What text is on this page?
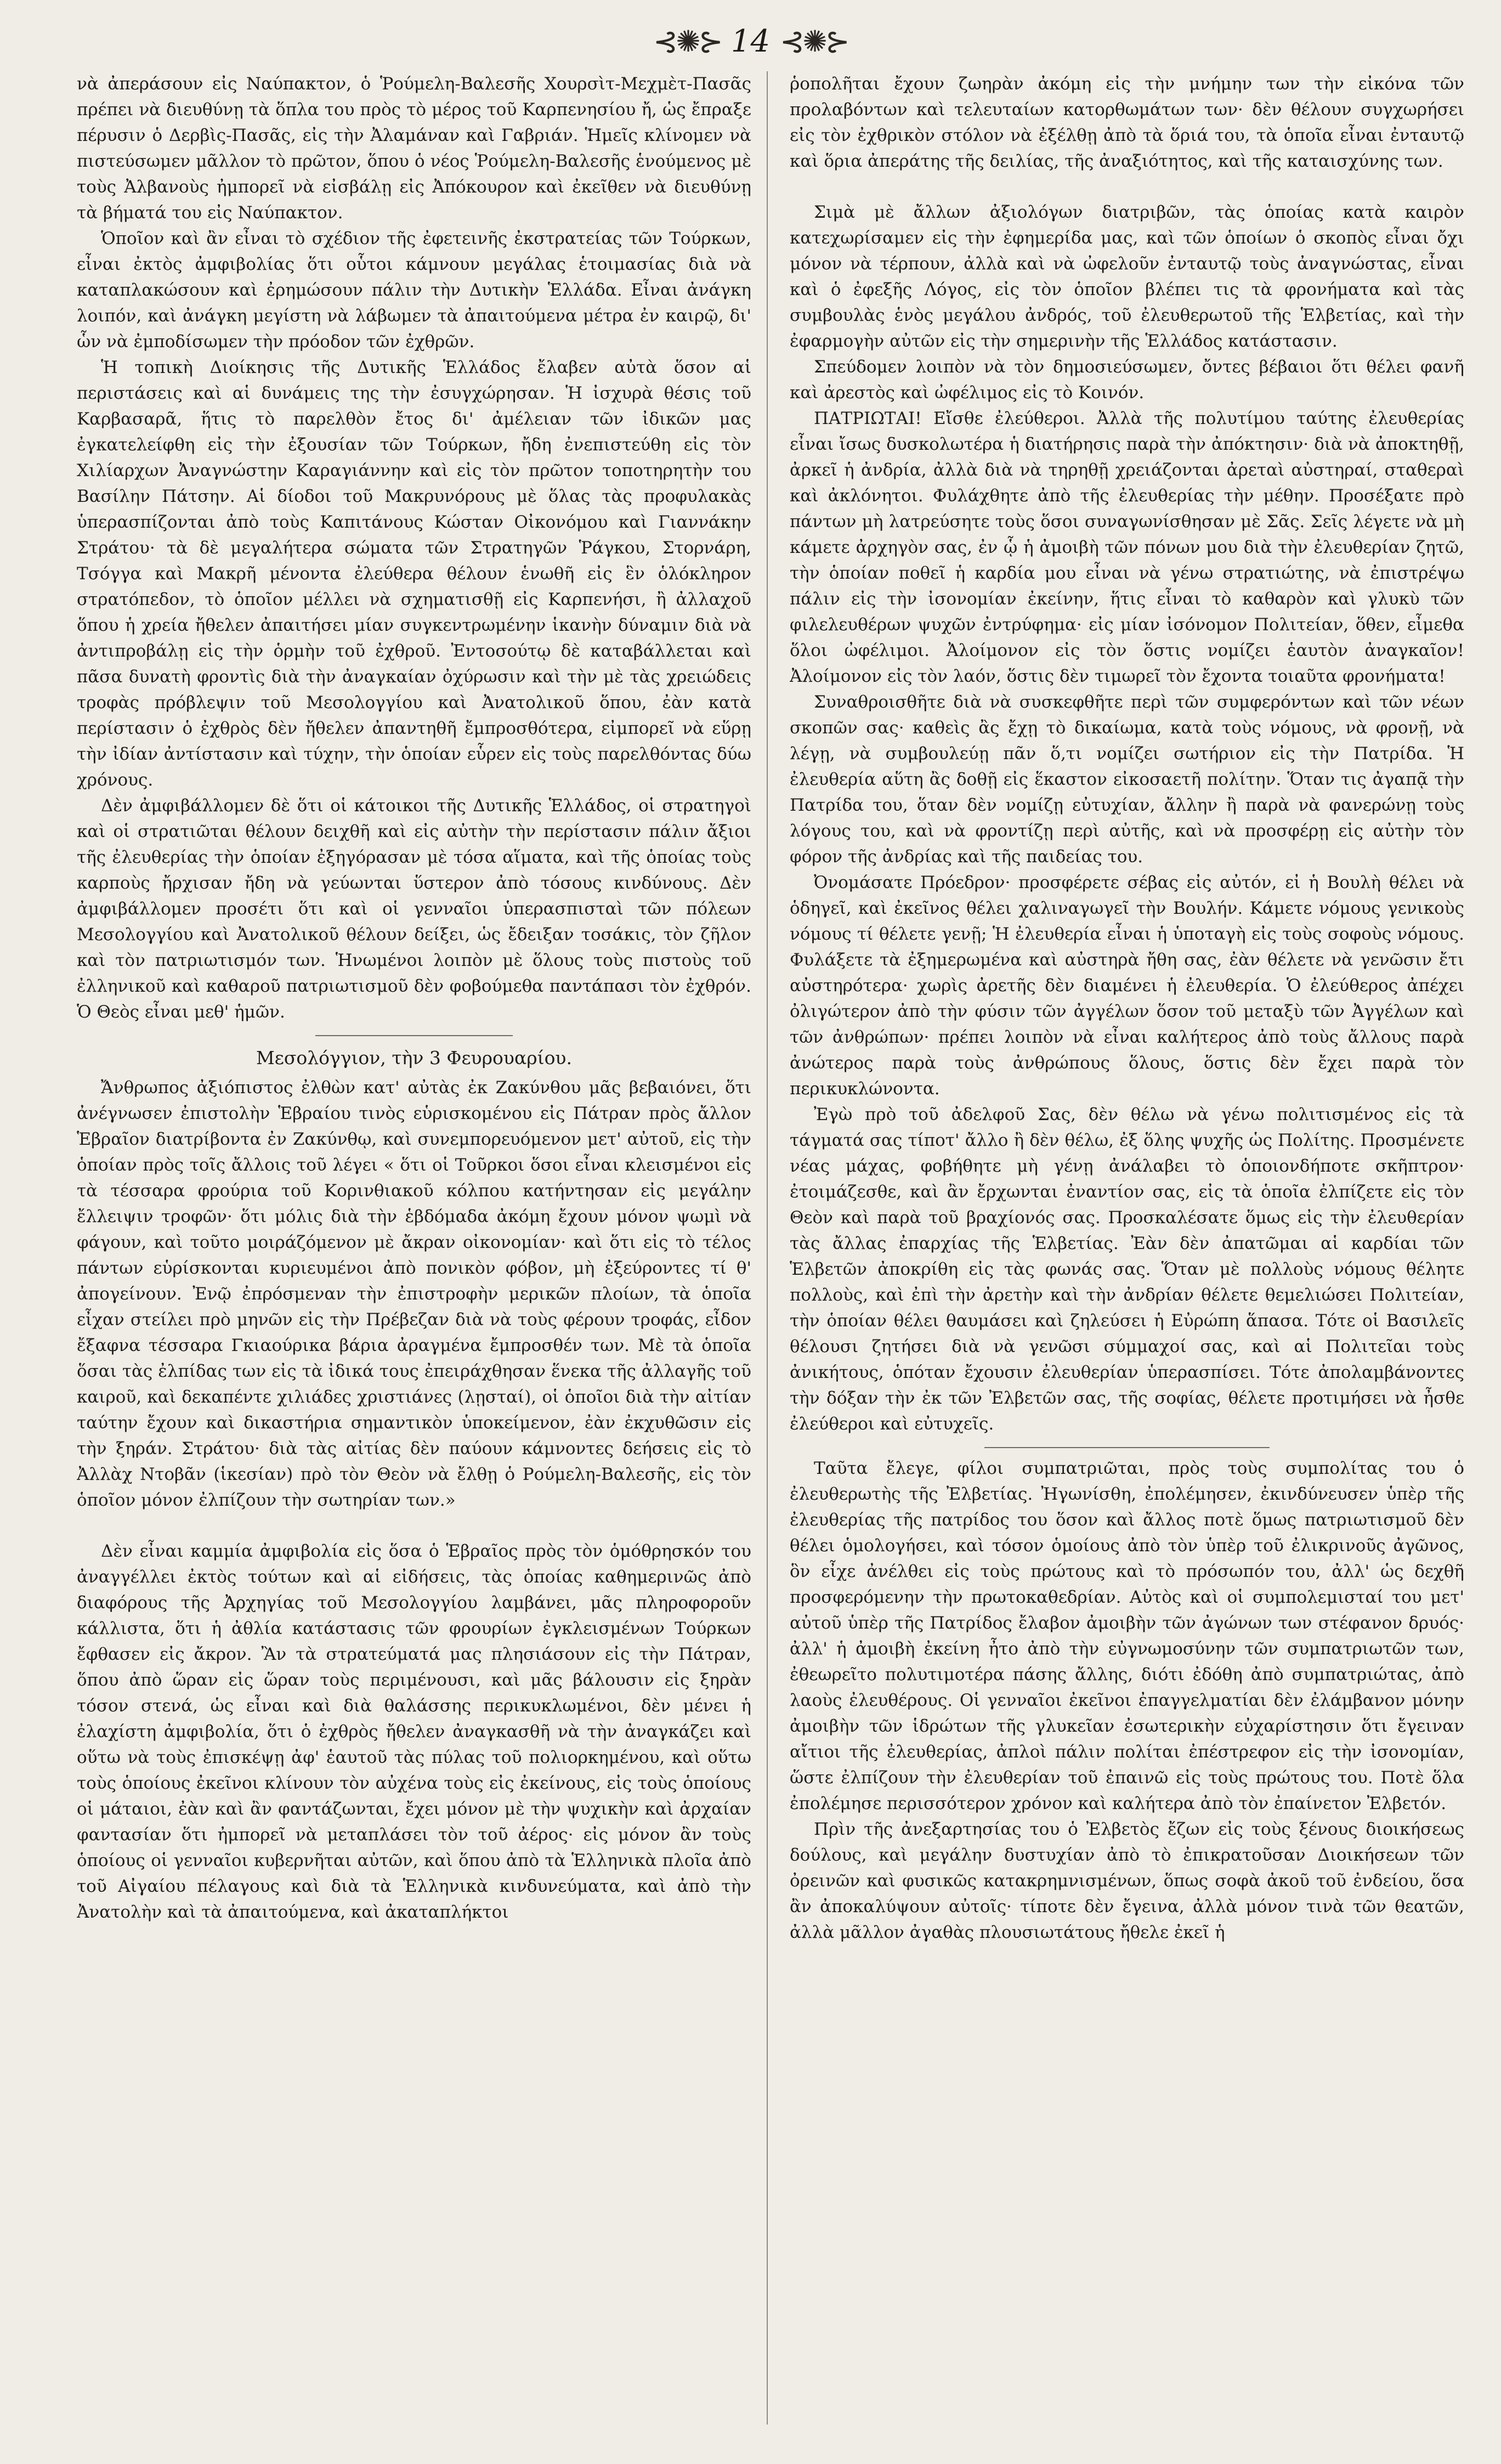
⊰✺⊱ 14 ⊰✺⊱

νὰ ἀπεράσουν εἰς Ναύπακτον, ὁ Ῥούμελη-Βαλεσῆς Χουρσὶτ-Μεχμὲτ-Πασᾶς πρέπει νὰ διευθύνῃ τὰ ὅπλα του πρὸς τὸ μέρος τοῦ Καρπενησίου ἤ, ὡς ἔπραξε πέρυσιν ὁ Δερβὶς-Πασᾶς, εἰς τὴν Ἀλαμάναν καὶ Γαβριάν. Ἡμεῖς κλίνομεν νὰ πιστεύσωμεν μᾶλλον τὸ πρῶτον, ὅπου ὁ νέος Ῥούμελη-Βαλεσῆς ἑνούμενος μὲ τοὺς Ἀλβανοὺς ἠμπορεῖ νὰ εἰσβάλῃ εἰς Ἀπόκουρον καὶ ἐκεῖθεν νὰ διευθύνῃ τὰ βήματά του εἰς Ναύπακτον.

Ὁποῖον καὶ ἂν εἶναι τὸ σχέδιον τῆς ἐφετεινῆς ἐκστρατείας τῶν Τούρκων, εἶναι ἐκτὸς ἀμφιβολίας ὅτι οὗτοι κάμνουν μεγάλας ἑτοιμασίας διὰ νὰ καταπλακώσουν καὶ ἐρημώσουν πάλιν τὴν Δυτικὴν Ἑλλάδα. Εἶναι ἀνάγκη λοιπόν, καὶ ἀνάγκη μεγίστη νὰ λάβωμεν τὰ ἀπαιτούμενα μέτρα ἐν καιρῷ, δι' ὧν νὰ ἐμποδίσωμεν τὴν πρόοδον τῶν ἐχθρῶν.

Ἡ τοπικὴ Διοίκησις τῆς Δυτικῆς Ἑλλάδος ἔλαβεν αὐτὰ ὅσον αἱ περιστάσεις καὶ αἱ δυνάμεις της τὴν ἐσυγχώρησαν. Ἡ ἰσχυρὰ θέσις τοῦ Καρβασαρᾶ, ἥτις τὸ παρελθὸν ἔτος δι' ἀμέλειαν τῶν ἰδικῶν μας ἐγκατελείφθη εἰς τὴν ἐξουσίαν τῶν Τούρκων, ἤδη ἐνεπιστεύθη εἰς τὸν Χιλίαρχων Ἀναγνώστην Καραγιάννην καὶ εἰς τὸν πρῶτον τοποτηρητὴν του Βασίλην Πάτσην. Αἱ δίοδοι τοῦ Μακρυνόρους μὲ ὅλας τὰς προφυλακὰς ὑπερασπίζονται ἀπὸ τοὺς Καπιτάνους Κώσταν Οἰκονόμου καὶ Γιαννάκην Στράτου· τὰ δὲ μεγαλήτερα σώματα τῶν Στρατηγῶν Ῥάγκου, Στορνάρη, Τσόγγα καὶ Μακρῆ μένοντα ἐλεύθερα θέλουν ἑνωθῆ εἰς ἓν ὁλόκληρον στρατόπεδον, τὸ ὁποῖον μέλλει νὰ σχηματισθῇ εἰς Καρπενήσι, ἢ ἀλλαχοῦ ὅπου ἡ χρεία ἤθελεν ἀπαιτήσει μίαν συγκεντρωμένην ἱκανὴν δύναμιν διὰ νὰ ἀντιπροβάλῃ εἰς τὴν ὁρμὴν τοῦ ἐχθροῦ. Ἐντοσούτῳ δὲ καταβάλλεται καὶ πᾶσα δυνατὴ φροντὶς διὰ τὴν ἀναγκαίαν ὀχύρωσιν καὶ τὴν μὲ τὰς χρειώδεις τροφὰς πρόβλεψιν τοῦ Μεσολογγίου καὶ Ἀνατολικοῦ ὅπου, ἐὰν κατὰ περίστασιν ὁ ἐχθρὸς δὲν ἤθελεν ἀπαντηθῆ ἔμπροσθότερα, εἰμπορεῖ νὰ εὕρῃ τὴν ἰδίαν ἀντίστασιν καὶ τύχην, τὴν ὁποίαν εὗρεν εἰς τοὺς παρελθόντας δύω χρόνους.

Δὲν ἀμφιβάλλομεν δὲ ὅτι οἱ κάτοικοι τῆς Δυτικῆς Ἑλλάδος, οἱ στρατηγοὶ καὶ οἱ στρατιῶται θέλουν δειχθῆ καὶ εἰς αὐτὴν τὴν περίστασιν πάλιν ἄξιοι τῆς ἐλευθερίας τὴν ὁποίαν ἐξηγόρασαν μὲ τόσα αἵματα, καὶ τῆς ὁποίας τοὺς καρποὺς ἤρχισαν ἤδη νὰ γεύωνται ὕστερον ἀπὸ τόσους κινδύνους. Δὲν ἀμφιβάλλομεν προσέτι ὅτι καὶ οἱ γενναῖοι ὑπερασπισταὶ τῶν πόλεων Μεσολογγίου καὶ Ἀνατολικοῦ θέλουν δείξει, ὡς ἔδειξαν τοσάκις, τὸν ζῆλον καὶ τὸν πατριωτισμόν των. Ἡνωμένοι λοιπὸν μὲ ὅλους τοὺς πιστοὺς τοῦ ἐλληνικοῦ καὶ καθαροῦ πατριωτισμοῦ δὲν φοβούμεθα παντάπασι τὸν ἐχθρόν. Ὁ Θεὸς εἶναι μεθ' ἡμῶν.

Μεσολόγγιον, τὴν 3 Φευρουαρίου.

Ἄνθρωπος ἀξιόπιστος ἐλθὼν κατ' αὐτὰς ἐκ Ζακύνθου μᾶς βεβαιόνει, ὅτι ἀνέγνωσεν ἐπιστολὴν Ἑβραίου τινὸς εὑρισκομένου εἰς Πάτραν πρὸς ἄλλον Ἑβραῖον διατρίβοντα ἐν Ζακύνθῳ, καὶ συνεμπορευόμενον μετ' αὐτοῦ, εἰς τὴν ὁποίαν πρὸς τοῖς ἄλλοις τοῦ λέγει « ὅτι οἱ Τοῦρκοι ὅσοι εἶναι κλεισμένοι εἰς τὰ τέσσαρα φρούρια τοῦ Κορινθιακοῦ κόλπου κατήντησαν εἰς μεγάλην ἔλλειψιν τροφῶν· ὅτι μόλις διὰ τὴν ἑβδόμαδα ἀκόμη ἔχουν μόνον ψωμὶ νὰ φάγουν, καὶ τοῦτο μοιράζόμενον μὲ ἄκραν οἰκονομίαν· καὶ ὅτι εἰς τὸ τέλος πάντων εὑρίσκονται κυριευμένοι ἀπὸ πονικὸν φόβον, μὴ ἐξεύροντες τί θ' ἀπογείνουν. Ἐνῷ ἐπρόσμεναν τὴν ἐπιστροφὴν μερικῶν πλοίων, τὰ ὁποῖα εἶχαν στείλει πρὸ μηνῶν εἰς τὴν Πρέβεζαν διὰ νὰ τοὺς φέρουν τροφάς, εἶδον ἔξαφνα τέσσαρα Γκιαούρικα βάρια ἀραγμένα ἔμπροσθέν των. Μὲ τὰ ὁποῖα ὅσαι τὰς ἐλπίδας των εἰς τὰ ἰδικά τους ἐπειράχθησαν ἕνεκα τῆς ἀλλαγῆς τοῦ καιροῦ, καὶ δεκαπέντε χιλιάδες χριστιάνες (λῃσταί), οἱ ὁποῖοι διὰ τὴν αἰτίαν ταύτην ἔχουν καὶ δικαστήρια σημαντικὸν ὑποκείμενον, ἐὰν ἐκχυθῶσιν εἰς τὴν ξηράν. Στράτου· διὰ τὰς αἰτίας δὲν παύουν κάμνοντες δεήσεις εἰς τὸ Ἀλλὰχ Ντοβᾶν (ἱκεσίαν) πρὸ τὸν Θεὸν νὰ ἔλθῃ ὁ Ρούμελη-Βαλεσῆς, εἰς τὸν ὁποῖον μόνον ἐλπίζουν τὴν σωτηρίαν των.»

Δὲν εἶναι καμμία ἀμφιβολία εἰς ὅσα ὁ Ἑβραῖος πρὸς τὸν ὁμόθρησκόν του ἀναγγέλλει ἐκτὸς τούτων καὶ αἱ εἰδήσεις, τὰς ὁποίας καθημερινῶς ἀπὸ διαφόρους τῆς Ἀρχηγίας τοῦ Μεσολογγίου λαμβάνει, μᾶς πληροφοροῦν κάλλιστα, ὅτι ἡ ἀθλία κατάστασις τῶν φρουρίων ἐγκλεισμένων Τούρκων ἔφθασεν εἰς ἄκρον. Ἂν τὰ στρατεύματά μας πλησιάσουν εἰς τὴν Πάτραν, ὅπου ἀπὸ ὥραν εἰς ὥραν τοὺς περιμένουσι, καὶ μᾶς βάλουσιν εἰς ξηρὰν τόσον στενά, ὡς εἶναι καὶ διὰ θαλάσσης περικυκλωμένοι, δὲν μένει ἡ ἐλαχίστη ἀμφιβολία, ὅτι ὁ ἐχθρὸς ἤθελεν ἀναγκασθῆ νὰ τὴν ἀναγκάζει καὶ οὕτω νὰ τοὺς ἐπισκέψῃ ἀφ' ἑαυτοῦ τὰς πύλας τοῦ πολιορκημένου, καὶ οὕτω τοὺς ὁποίους ἐκεῖνοι κλίνουν τὸν αὐχένα τοὺς εἰς ἐκείνους, εἰς τοὺς ὁποίους οἱ μάταιοι, ἐὰν καὶ ἂν φαντάζωνται, ἔχει μόνον μὲ τὴν ψυχικὴν καὶ ἀρχαίαν φαντασίαν ὅτι ἠμπορεῖ νὰ μεταπλάσει τὸν τοῦ ἀέρος· εἰς μόνον ἂν τοὺς ὁποίους οἱ γενναῖοι κυβερνῆται αὐτῶν, καὶ ὅπου ἀπὸ τὰ Ἑλληνικὰ πλοῖα ἀπὸ τοῦ Αἰγαίου πέλαγους καὶ διὰ τὰ Ἑλληνικὰ κινδυνεύματα, καὶ ἀπὸ τὴν Ἀνατολὴν καὶ τὰ ἀπαιτούμενα, καὶ ἀκαταπλήκτοι

ῥοπολῆται ἔχουν ζωηρὰν ἀκόμη εἰς τὴν μνήμην των τὴν εἰκόνα τῶν προλαβόντων καὶ τελευταίων κατορθωμάτων των· δὲν θέλουν συγχωρήσει εἰς τὸν ἐχθρικὸν στόλον νὰ ἐξέλθῃ ἀπὸ τὰ ὅριά του, τὰ ὁποῖα εἶναι ἐνταυτῷ καὶ ὅρια ἀπεράτης τῆς δειλίας, τῆς ἀναξιότητος, καὶ τῆς καταισχύνης των.

Σιμὰ μὲ ἄλλων ἀξιολόγων διατριβῶν, τὰς ὁποίας κατὰ καιρὸν κατεχωρίσαμεν εἰς τὴν ἐφημερίδα μας, καὶ τῶν ὁποίων ὁ σκοπὸς εἶναι ὄχι μόνον νὰ τέρπουν, ἀλλὰ καὶ νὰ ὠφελοῦν ἐνταυτῷ τοὺς ἀναγνώστας, εἶναι καὶ ὁ ἐφεξῆς Λόγος, εἰς τὸν ὁποῖον βλέπει τις τὰ φρονήματα καὶ τὰς συμβουλὰς ἑνὸς μεγάλου ἀνδρός, τοῦ ἐλευθερωτοῦ τῆς Ἑλβετίας, καὶ τὴν ἐφαρμογὴν αὐτῶν εἰς τὴν σημερινὴν τῆς Ἑλλάδος κατάστασιν.

Σπεύδομεν λοιπὸν νὰ τὸν δημοσιεύσωμεν, ὄντες βέβαιοι ὅτι θέλει φανῆ καὶ ἀρεστὸς καὶ ὠφέλιμος εἰς τὸ Κοινόν.

ΠΑΤΡΙΩΤΑΙ! Εἴσθε ἐλεύθεροι. Ἀλλὰ τῆς πολυτίμου ταύτης ἐλευθερίας εἶναι ἴσως δυσκολωτέρα ἡ διατήρησις παρὰ τὴν ἀπόκτησιν· διὰ νὰ ἀποκτηθῇ, ἀρκεῖ ἡ ἀνδρία, ἀλλὰ διὰ νὰ τηρηθῇ χρειάζονται ἀρεταὶ αὐστηραί, σταθεραὶ καὶ ἀκλόνητοι. Φυλάχθητε ἀπὸ τῆς ἐλευθερίας τὴν μέθην. Προσέξατε πρὸ πάντων μὴ λατρεύσητε τοὺς ὅσοι συναγωνίσθησαν μὲ Σᾶς. Σεῖς λέγετε νὰ μὴ κάμετε ἀρχηγὸν σας, ἐν ᾧ ἡ ἀμοιβὴ τῶν πόνων μου διὰ τὴν ἐλευθερίαν ζητῶ, τὴν ὁποίαν ποθεῖ ἡ καρδία μου εἶναι νὰ γένω στρατιώτης, νὰ ἐπιστρέψω πάλιν εἰς τὴν ἰσονομίαν ἐκείνην, ἥτις εἶναι τὸ καθαρὸν καὶ γλυκὺ τῶν φιλελευθέρων ψυχῶν ἐντρύφημα· εἰς μίαν ἰσόνομον Πολιτείαν, ὅθεν, εἶμεθα ὅλοι ὠφέλιμοι. Ἀλοίμονον εἰς τὸν ὅστις νομίζει ἑαυτὸν ἀναγκαῖον! Ἀλοίμονον εἰς τὸν λαόν, ὅστις δὲν τιμωρεῖ τὸν ἔχοντα τοιαῦτα φρονήματα!

Συναθροισθῆτε διὰ νὰ συσκεφθῆτε περὶ τῶν συμφερόντων καὶ τῶν νέων σκοπῶν σας· καθεὶς ἂς ἔχῃ τὸ δικαίωμα, κατὰ τοὺς νόμους, νὰ φρονῇ, νὰ λέγῃ, νὰ συμβουλεύῃ πᾶν ὅ,τι νομίζει σωτήριον εἰς τὴν Πατρίδα. Ἡ ἐλευθερία αὕτη ἂς δοθῇ εἰς ἕκαστον εἰκοσαετῆ πολίτην. Ὅταν τις ἀγαπᾷ τὴν Πατρίδα του, ὅταν δὲν νομίζῃ εὐτυχίαν, ἄλλην ἢ παρὰ νὰ φανερώνῃ τοὺς λόγους του, καὶ νὰ φροντίζῃ περὶ αὐτῆς, καὶ νὰ προσφέρῃ εἰς αὐτὴν τὸν φόρον τῆς ἀνδρίας καὶ τῆς παιδείας του.

Ὀνομάσατε Πρόεδρον· προσφέρετε σέβας εἰς αὐτόν, εἰ ἡ Βουλὴ θέλει νὰ ὁδηγεῖ, καὶ ἐκεῖνος θέλει χαλιναγωγεῖ τὴν Βουλήν. Κάμετε νόμους γενικοὺς νόμους τί θέλετε γενῇ; Ἡ ἐλευθερία εἶναι ἡ ὑποταγὴ εἰς τοὺς σοφοὺς νόμους. Φυλάξετε τὰ ἐξημερωμένα καὶ αὐστηρὰ ἤθη σας, ἐὰν θέλετε νὰ γενῶσιν ἔτι αὐστηρότερα· χωρὶς ἀρετῆς δὲν διαμένει ἡ ἐλευθερία. Ὁ ἐλεύθερος ἀπέχει ὀλιγώτερον ἀπὸ τὴν φύσιν τῶν ἀγγέλων ὅσον τοῦ μεταξὺ τῶν Ἀγγέλων καὶ τῶν ἀνθρώπων· πρέπει λοιπὸν νὰ εἶναι καλήτερος ἀπὸ τοὺς ἄλλους παρὰ ἀνώτερος παρὰ τοὺς ἀνθρώπους ὅλους, ὅστις δὲν ἔχει παρὰ τὸν περικυκλώνοντα.

Ἐγὼ πρὸ τοῦ ἀδελφοῦ Σας, δὲν θέλω νὰ γένω πολιτισμένος εἰς τὰ τάγματά σας τίποτ' ἄλλο ἢ δὲν θέλω, ἐξ ὅλης ψυχῆς ὡς Πολίτης. Προσμένετε νέας μάχας, φοβήθητε μὴ γένῃ ἀνάλαβει τὸ ὁποιονδήποτε σκῆπτρον· ἐτοιμάζεσθε, καὶ ἂν ἔρχωνται ἐναντίον σας, εἰς τὰ ὁποῖα ἐλπίζετε εἰς τὸν Θεὸν καὶ παρὰ τοῦ βραχίονός σας. Προσκαλέσατε ὅμως εἰς τὴν ἐλευθερίαν τὰς ἄλλας ἐπαρχίας τῆς Ἑλβετίας. Ἐὰν δὲν ἀπατῶμαι αἱ καρδίαι τῶν Ἑλβετῶν ἀποκρίθη εἰς τὰς φωνάς σας. Ὅταν μὲ πολλοὺς νόμους θέλητε πολλοὺς, καὶ ἐπὶ τὴν ἀρετὴν καὶ τὴν ἀνδρίαν θέλετε θεμελιώσει Πολιτείαν, τὴν ὁποίαν θέλει θαυμάσει καὶ ζηλεύσει ἡ Εὐρώπη ἅπασα. Τότε οἱ Βασιλεῖς θέλουσι ζητήσει διὰ νὰ γενῶσι σύμμαχοί σας, καὶ αἱ Πολιτεῖαι τοὺς ἀνικήτους, ὁπόταν ἔχουσιν ἐλευθερίαν ὑπερασπίσει. Τότε ἀπολαμβάνοντες τὴν δόξαν τὴν ἐκ τῶν Ἐλβετῶν σας, τῆς σοφίας, θέλετε προτιμήσει νὰ ἦσθε ἐλεύθεροι καὶ εὐτυχεῖς.

Ταῦτα ἔλεγε, φίλοι συμπατριῶται, πρὸς τοὺς συμπολίτας του ὁ ἐλευθερωτὴς τῆς Ἐλβετίας. Ἠγωνίσθη, ἐπολέμησεν, ἐκινδύνευσεν ὑπὲρ τῆς ἐλευθερίας τῆς πατρίδος του ὅσον καὶ ἄλλος ποτὲ ὅμως πατριωτισμοῦ δὲν θέλει ὁμολογήσει, καὶ τόσον ὁμοίους ἀπὸ τὸν ὑπὲρ τοῦ ἐλικρινοῦς ἀγῶνος, ὃν εἶχε ἀνέλθει εἰς τοὺς πρώτους καὶ τὸ πρόσωπόν του, ἀλλ' ὡς δεχθῆ προσφερόμενην τὴν πρωτοκαθεδρίαν. Αὐτὸς καὶ οἱ συμπολεμισταί του μετ' αὐτοῦ ὑπὲρ τῆς Πατρίδος ἔλαβον ἀμοιβὴν τῶν ἀγώνων των στέφανον δρυός· ἀλλ' ἡ ἀμοιβὴ ἐκείνη ἦτο ἀπὸ τὴν εὐγνωμοσύνην τῶν συμπατριωτῶν των, ἐθεωρεῖτο πολυτιμοτέρα πάσης ἄλλης, διότι ἐδόθη ἀπὸ συμπατριώτας, ἀπὸ λαοὺς ἐλευθέρους. Οἱ γενναῖοι ἐκεῖνοι ἐπαγγελματίαι δὲν ἐλάμβανον μόνην ἀμοιβὴν τῶν ἱδρώτων τῆς γλυκεῖαν ἐσωτερικὴν εὐχαρίστησιν ὅτι ἔγειναν αἴτιοι τῆς ἐλευθερίας, ἀπλοὶ πάλιν πολίται ἐπέστρεφον εἰς τὴν ἰσονομίαν, ὥστε ἐλπίζουν τὴν ἐλευθερίαν τοῦ ἐπαινῶ εἰς τοὺς πρώτους του. Ποτὲ ὅλα ἐπολέμησε περισσότερον χρόνον καὶ καλήτερα ἀπὸ τὸν ἐπαίνετον Ἐλβετόν.

Πρὶν τῆς ἀνεξαρτησίας του ὁ Ἐλβετὸς ἔζων εἰς τοὺς ξένους διοικήσεως δούλους, καὶ μεγάλην δυστυχίαν ἀπὸ τὸ ἐπικρατοῦσαν Διοικήσεων τῶν ὀρεινῶν καὶ φυσικῶς κατακρημνισμένων, ὅπως σοφὰ ἀκοῦ τοῦ ἐνδείου, ὅσα ἂν ἀποκαλύψουν αὐτοῖς· τίποτε δὲν ἔγεινα, ἀλλὰ μόνον τινὰ τῶν θεατῶν, ἀλλὰ μᾶλλον ἀγαθὰς πλουσιωτάτους ἤθελε ἐκεῖ ἡ
